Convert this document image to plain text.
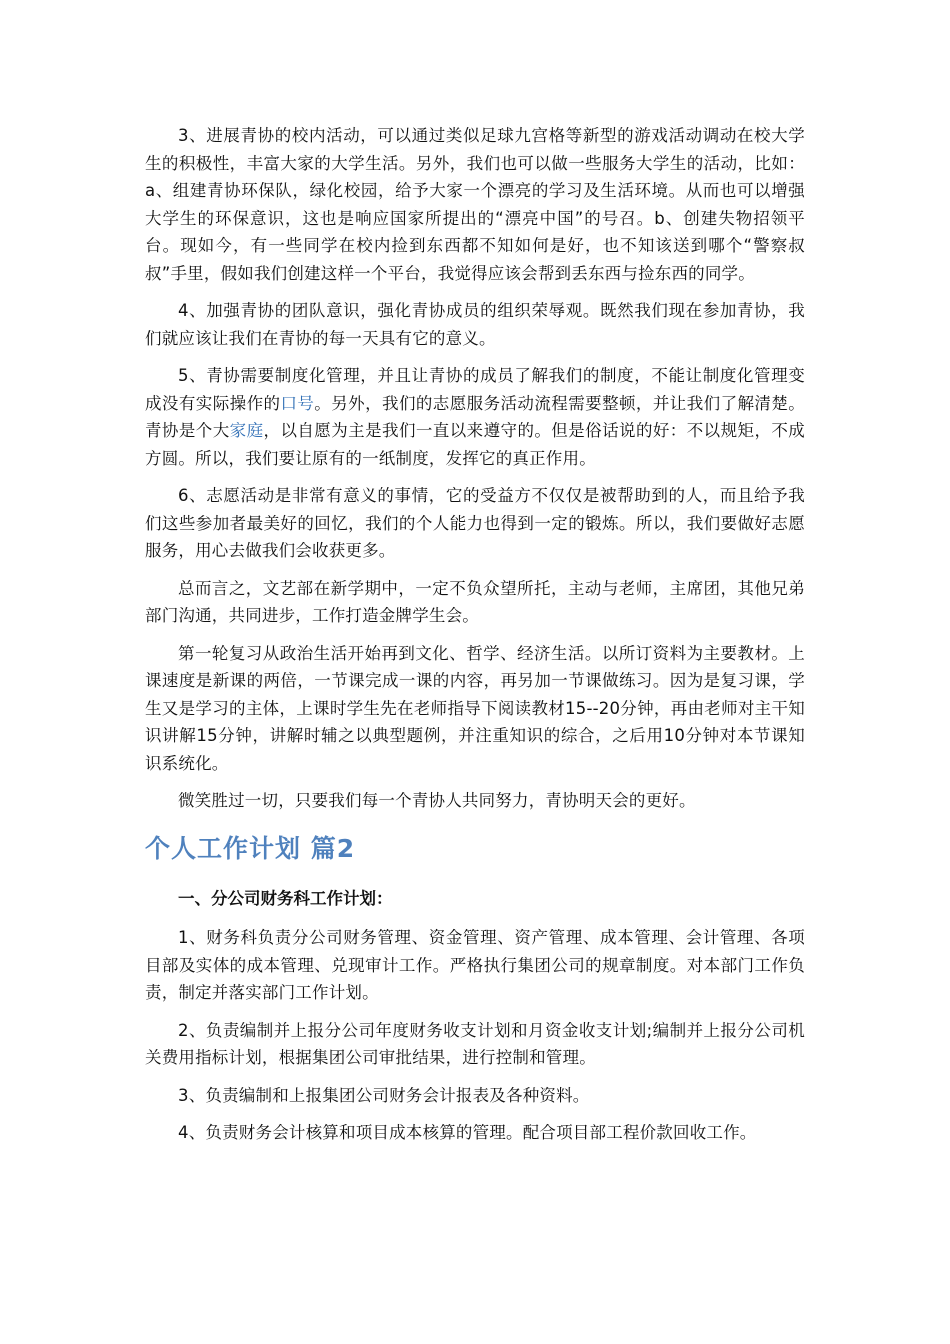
3、进展青协的校内活动，可以通过类似足球九宫格等新型的游戏活动调动在校大学生的积极性，丰富大家的大学生活。另外，我们也可以做一些服务大学生的活动，比如：a、组建青协环保队，绿化校园，给予大家一个漂亮的学习及生活环境。从而也可以增强大学生的环保意识，这也是响应国家所提出的“漂亮中国”的号召。b、创建失物招领平台。现如今，有一些同学在校内捡到东西都不知如何是好，也不知该送到哪个“警察叔叔”手里，假如我们创建这样一个平台，我觉得应该会帮到丢东西与捡东西的同学。

4、加强青协的团队意识，强化青协成员的组织荣辱观。既然我们现在参加青协，我们就应该让我们在青协的每一天具有它的意义。

5、青协需要制度化管理，并且让青协的成员了解我们的制度，不能让制度化管理变成没有实际操作的口号。另外，我们的志愿服务活动流程需要整顿，并让我们了解清楚。青协是个大家庭，以自愿为主是我们一直以来遵守的。但是俗话说的好：不以规矩，不成方圆。所以，我们要让原有的一纸制度，发挥它的真正作用。

6、志愿活动是非常有意义的事情，它的受益方不仅仅是被帮助到的人，而且给予我们这些参加者最美好的回忆，我们的个人能力也得到一定的锻炼。所以，我们要做好志愿服务，用心去做我们会收获更多。

总而言之，文艺部在新学期中，一定不负众望所托，主动与老师，主席团，其他兄弟部门沟通，共同进步，工作打造金牌学生会。

第一轮复习从政治生活开始再到文化、哲学、经济生活。以所订资料为主要教材。上课速度是新课的两倍，一节课完成一课的内容，再另加一节课做练习。因为是复习课，学生又是学习的主体，上课时学生先在老师指导下阅读教材15--20分钟，再由老师对主干知识讲解15分钟，讲解时辅之以典型题例，并注重知识的综合，之后用10分钟对本节课知识系统化。

微笑胜过一切，只要我们每一个青协人共同努力，青协明天会的更好。

个人工作计划 篇2

一、分公司财务科工作计划：

1、财务科负责分公司财务管理、资金管理、资产管理、成本管理、会计管理、各项目部及实体的成本管理、兑现审计工作。严格执行集团公司的规章制度。对本部门工作负责，制定并落实部门工作计划。

2、负责编制并上报分公司年度财务收支计划和月资金收支计划;编制并上报分公司机关费用指标计划，根据集团公司审批结果，进行控制和管理。

3、负责编制和上报集团公司财务会计报表及各种资料。

4、负责财务会计核算和项目成本核算的管理。配合项目部工程价款回收工作。
